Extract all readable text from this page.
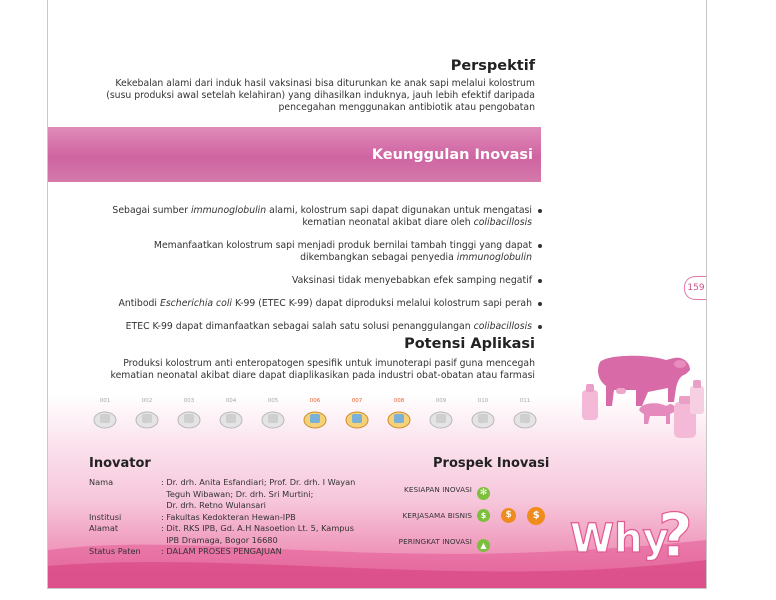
Perspektif
Kekebalan alami dari induk hasil vaksinasi bisa diturunkan ke anak sapi melalui kolostrum (susu produksi awal setelah kelahiran) yang dihasilkan induknya, jauh lebih efektif daripada pencegahan menggunakan antibiotik atau pengobatan
Keunggulan Inovasi
Sebagai sumber immunoglobulin alami, kolostrum sapi dapat digunakan untuk mengatasi kematian neonatal akibat diare oleh colibacillosis
Memanfaatkan kolostrum sapi menjadi produk bernilai tambah tinggi yang dapat dikembangkan sebagai penyedia immunoglobulin
Vaksinasi tidak menyebabkan efek samping negatif
Antibodi Escherichia coli K-99 (ETEC K-99) dapat diproduksi melalui kolostrum sapi perah
ETEC K-99 dapat dimanfaatkan sebagai salah satu solusi penanggulangan colibacillosis
Potensi Aplikasi
Produksi kolostrum anti enteropatogen spesifik untuk imunoterapi pasif guna mencegah kematian neonatal akibat diare dapat diaplikasikan pada industri obat-obatan atau farmasi
159
001	002	003	004	005	006	007	008	009	010	011
Inovator
Nama	: Dr. drh. Anita Esfandiari; Prof. Dr. drh. I Wayan
	Teguh Wibawan; Dr. drh. Sri Murtini;
	Dr. drh. Retno Wulansari
Institusi	: Fakultas Kedokteran Hewan-IPB
Alamat	: Dit. RKS IPB, Gd. A.H Nasoetion Lt. 5, Kampus
	IPB Dramaga, Bogor 16680
Status Paten	: DALAM PROSES PENGAJUAN
Prospek Inovasi
KESIAPAN INOVASI ✻
KERJASAMA BISNIS	$ $ $
PERINGKAT INOVASI	▲ Why
?
